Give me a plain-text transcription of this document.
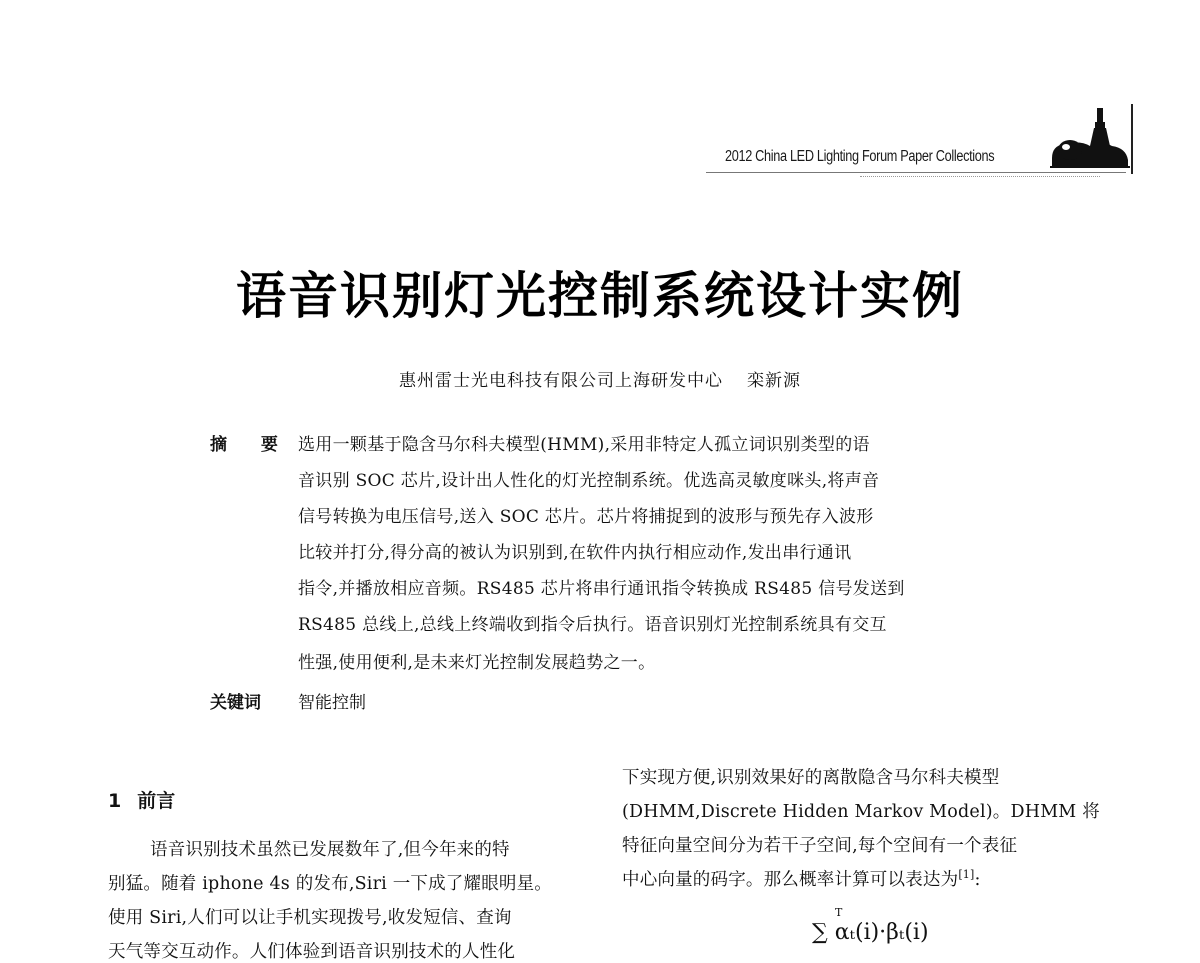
2012 China LED Lighting Forum Paper Collections
语音识别灯光控制系统设计实例
惠州雷士光电科技有限公司上海研发中心 栾新源
摘 要 选用一颗基于隐含马尔科夫模型(HMM),采用非特定人孤立词识别类型的语
音识别 SOC 芯片,设计出人性化的灯光控制系统。优选高灵敏度咪头,将声音
信号转换为电压信号,送入 SOC 芯片。芯片将捕捉到的波形与预先存入波形
比较并打分,得分高的被认为识别到,在软件内执行相应动作,发出串行通讯
指令,并播放相应音频。RS485 芯片将串行通讯指令转换成 RS485 信号发送到
RS485 总线上,总线上终端收到指令后执行。语音识别灯光控制系统具有交互
性强,使用便利,是未来灯光控制发展趋势之一。
关键词 智能控制
1 前言
语音识别技术虽然已发展数年了,但今年来的特
别猛。随着 iphone 4s 的发布,Siri 一下成了耀眼明星。
使用 Siri,人们可以让手机实现拨号,收发短信、查询
天气等交互动作。人们体验到语音识别技术的人性化
下实现方便,识别效果好的离散隐含马尔科夫模型
(DHMM,Discrete Hidden Markov Model)。DHMM 将
特征向量空间分为若干子空间,每个空间有一个表征
中心向量的码字。那么概率计算可以表达为[1]:
T
∑ αₜ(i)·βₜ(i)
